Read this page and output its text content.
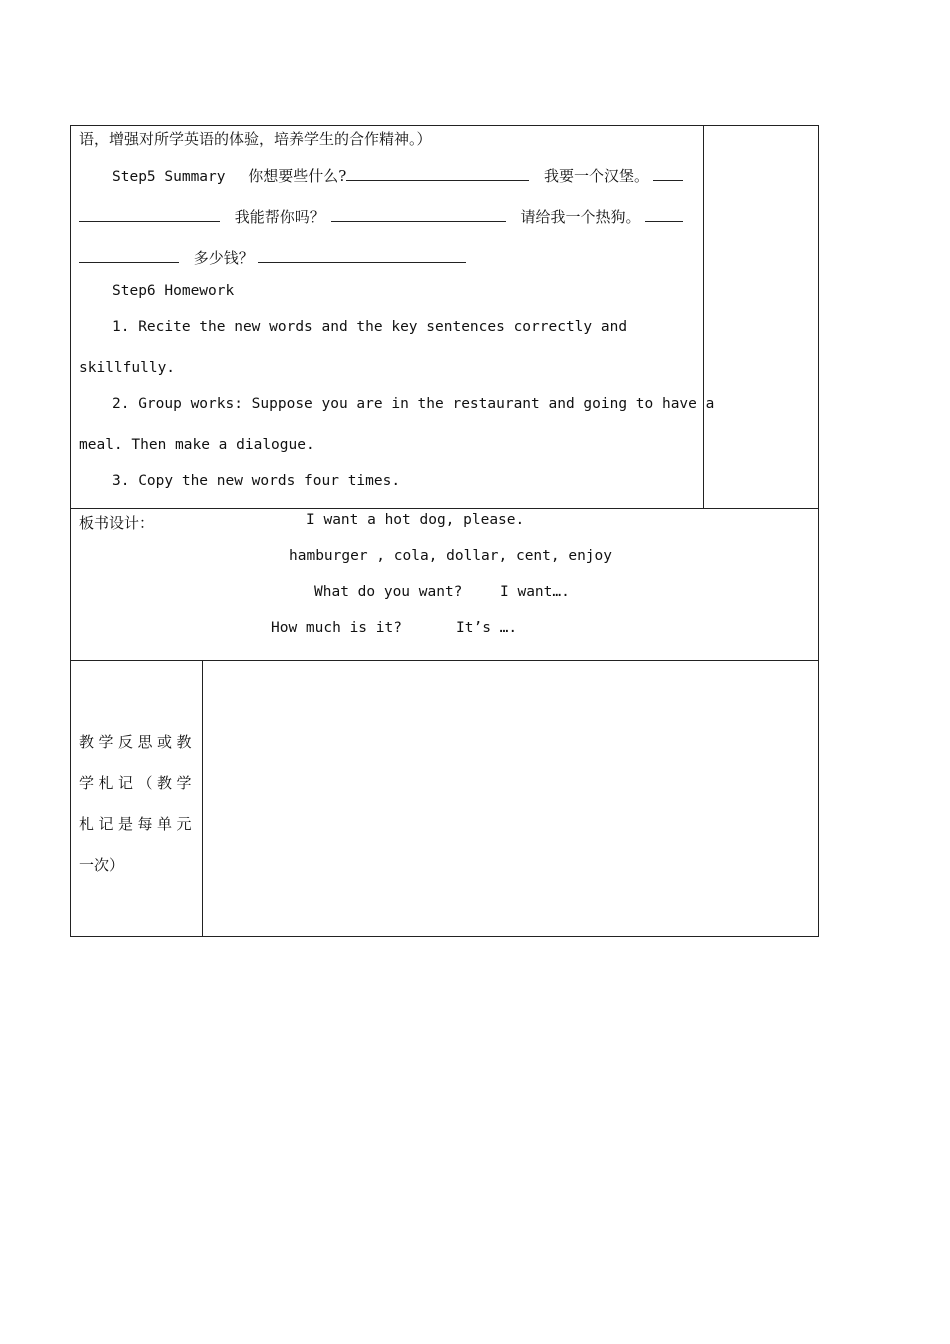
语，增强对所学英语的体验，培养学生的合作精神。）
Step5 Summary 你想要些什么?	我要一个汉堡。
我能帮你吗？	请给我一个热狗。
多少钱？
Step6 Homework
1. Recite the new words and the key sentences correctly and
skillfully.
2. Group works: Suppose you are in the restaurant and going to have a
meal. Then make a dialogue.
3. Copy the new words four times.
板书设计：	I want a hot dog, please.
hamburger , cola, dollar, cent, enjoy
What do you want?	I want….
How much is it?	It’s ….
教学反思或教
学札记（教学
札记是每单元
一次）
